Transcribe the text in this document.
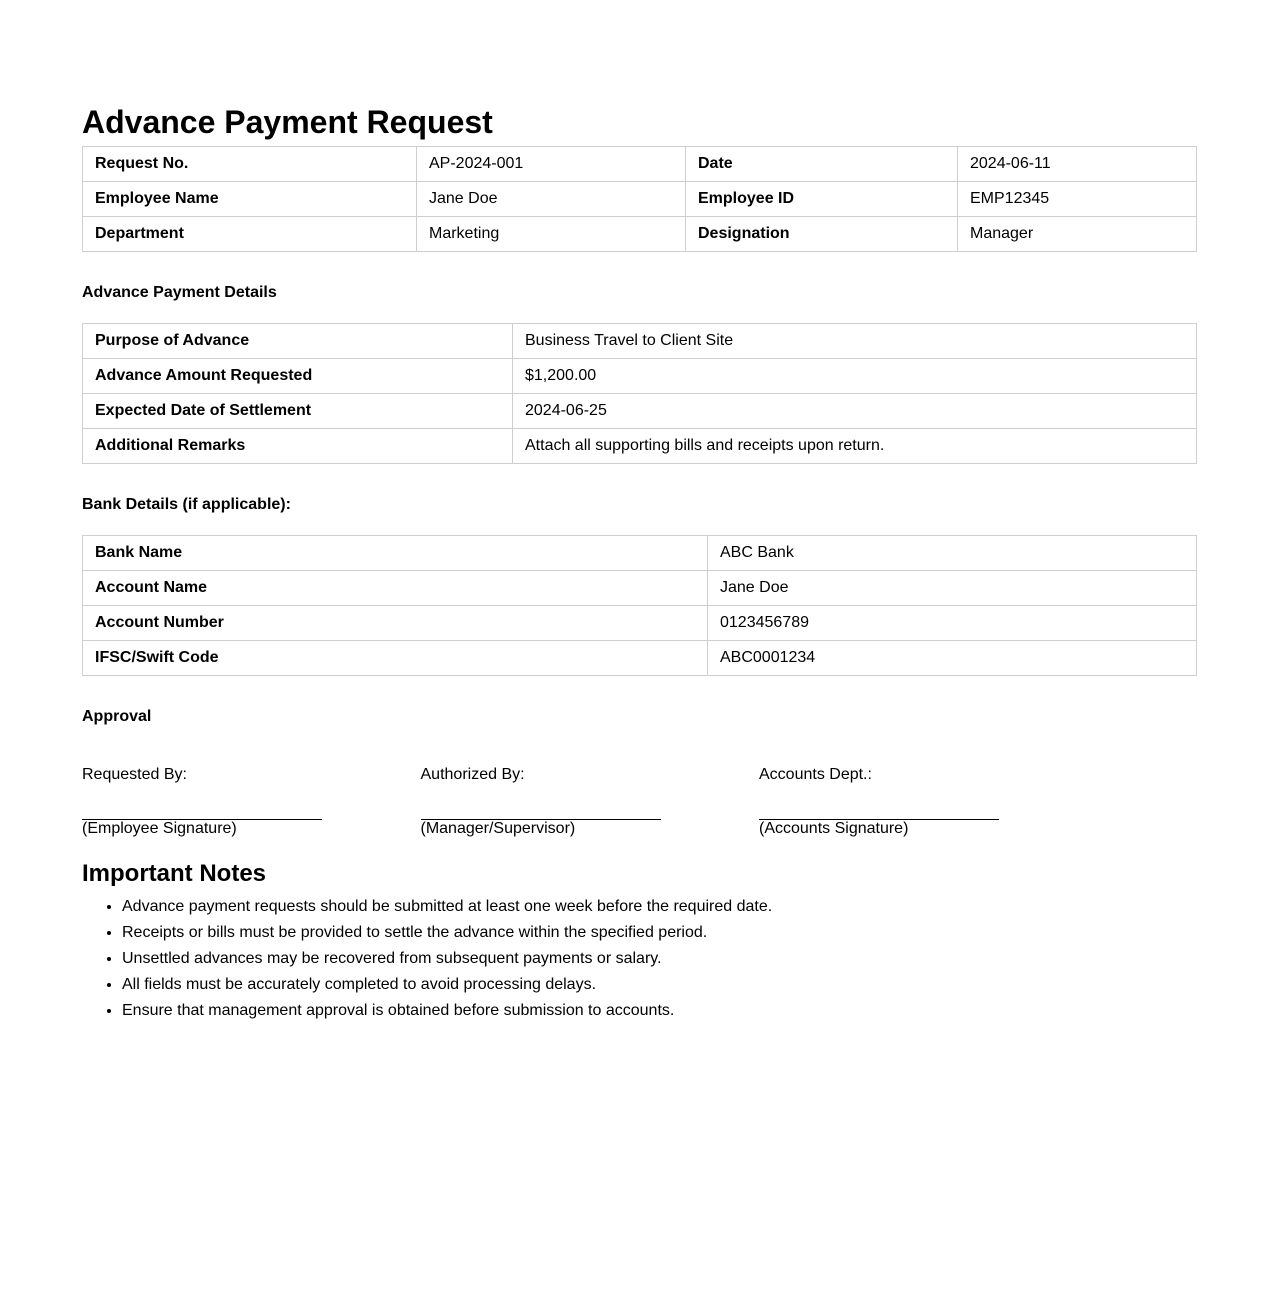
Advance Payment Request
Request No.	AP-2024-001	Date	2024-06-11
Employee Name	Jane Doe	Employee ID	EMP12345
Department	Marketing	Designation	Manager

Advance Payment Details

Purpose of Advance	Business Travel to Client Site
Advance Amount Requested	$1,200.00
Expected Date of Settlement	2024-06-25
Additional Remarks	Attach all supporting bills and receipts upon return.

Bank Details (if applicable):

Bank Name	ABC Bank
Account Name	Jane Doe
Account Number	0123456789
IFSC/Swift Code	ABC0001234

Approval

Requested By:
(Employee Signature)
Authorized By:
(Manager/Supervisor)
Accounts Dept.:
(Accounts Signature)
Important Notes
• Advance payment requests should be submitted at least one week before the required date.
• Receipts or bills must be provided to settle the advance within the specified period.
• Unsettled advances may be recovered from subsequent payments or salary.
• All fields must be accurately completed to avoid processing delays.
• Ensure that management approval is obtained before submission to accounts.
